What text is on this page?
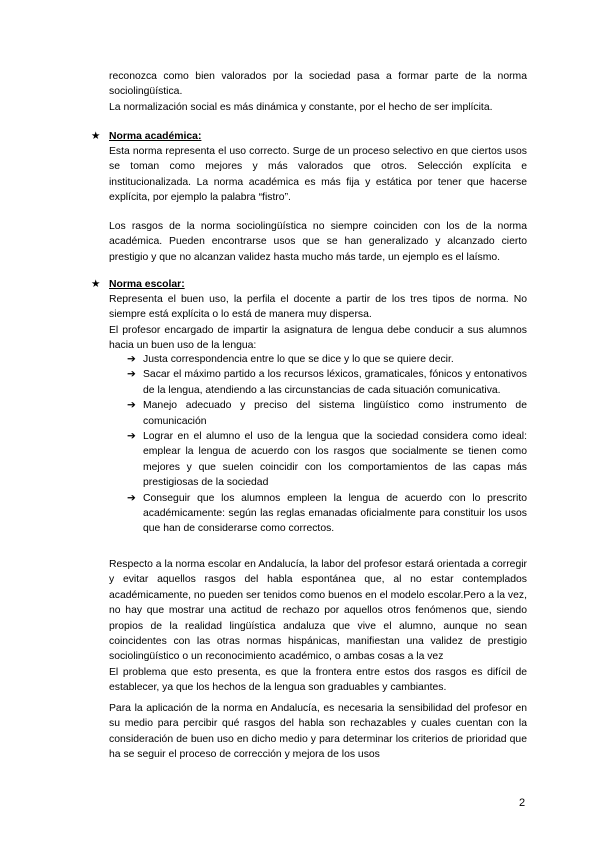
reconozca como bien valorados por la sociedad pasa a formar parte de la norma sociolingüística.

La normalización social es más dinámica y constante, por el hecho de ser implícita.

★ Norma académica:

Esta norma representa el uso correcto. Surge de un proceso selectivo en que ciertos usos se toman como mejores y más valorados que otros. Selección explícita e institucionalizada. La norma académica es más fija y estática por tener que hacerse explícita, por ejemplo la palabra “fistro”.

Los rasgos de la norma sociolingüística no siempre coinciden con los de la norma académica. Pueden encontrarse usos que se han generalizado y alcanzado cierto prestigio y que no alcanzan validez hasta mucho más tarde, un ejemplo es el laísmo.

★ Norma escolar:

Representa el buen uso, la perfila el docente a partir de los tres tipos de norma. No siempre está explícita o lo está de manera muy dispersa.

El profesor encargado de impartir la asignatura de lengua debe conducir a sus alumnos hacia un buen uso de la lengua:

➔ Justa correspondencia entre lo que se dice y lo que se quiere decir.
➔ Sacar el máximo partido a los recursos léxicos, gramaticales, fónicos y entonativos de la lengua, atendiendo a las circunstancias de cada situación comunicativa.
➔ Manejo adecuado y preciso del sistema lingüístico como instrumento de comunicación
➔ Lograr en el alumno el uso de la lengua que la sociedad considera como ideal: emplear la lengua de acuerdo con los rasgos que socialmente se tienen como mejores y que suelen coincidir con los comportamientos de las capas más prestigiosas de la sociedad
➔ Conseguir que los alumnos empleen la lengua de acuerdo con lo prescrito académicamente: según las reglas emanadas oficialmente para constituir los usos que han de considerarse como correctos.

Respecto a la norma escolar en Andalucía, la labor del profesor estará orientada a corregir y evitar aquellos rasgos del habla espontánea que, al no estar contemplados académicamente, no pueden ser tenidos como buenos en el modelo escolar.Pero a la vez, no hay que mostrar una actitud de rechazo por aquellos otros fenómenos que, siendo propios de la realidad lingüística andaluza que vive el alumno, aunque no sean coincidentes con las otras normas hispánicas, manifiestan una validez de prestigio sociolingüístico o un reconocimiento académico, o ambas cosas a la vez

El problema que esto presenta, es que la frontera entre estos dos rasgos es difícil de establecer, ya que los hechos de la lengua son graduables y cambiantes.

Para la aplicación de la norma en Andalucía, es necesaria la sensibilidad del profesor en su medio para percibir qué rasgos del habla son rechazables y cuales cuentan con la consideración de buen uso en dicho medio y para determinar los criterios de prioridad que ha se seguir el proceso de corrección y mejora de los usos

2
